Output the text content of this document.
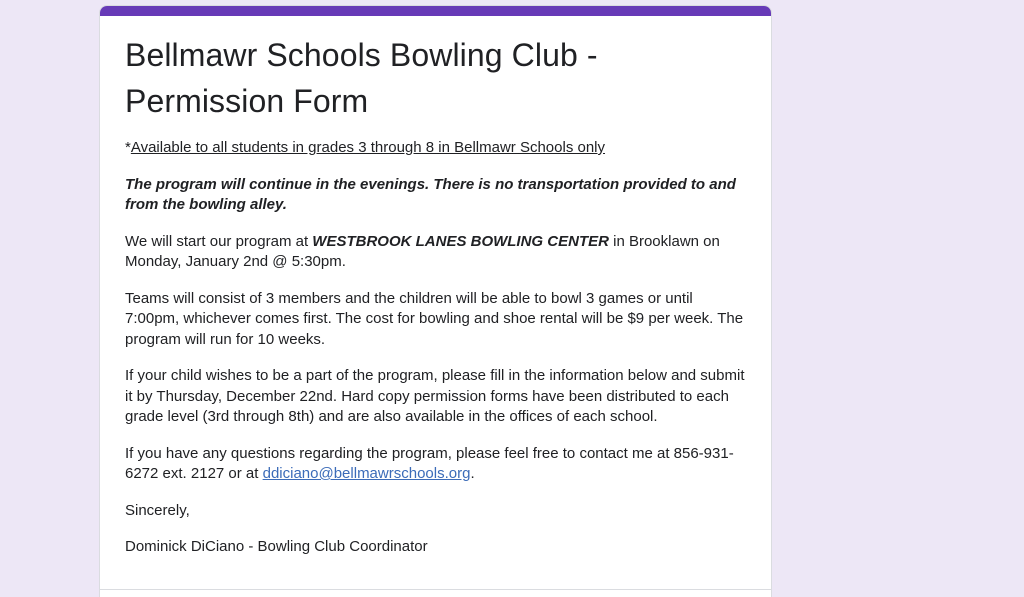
Bellmawr Schools Bowling Club - Permission Form

*Available to all students in grades 3 through 8 in Bellmawr Schools only

The program will continue in the evenings. There is no transportation provided to and from the bowling alley.

We will start our program at WESTBROOK LANES BOWLING CENTER in Brooklawn on Monday, January 2nd @ 5:30pm.

Teams will consist of 3 members and the children will be able to bowl 3 games or until 7:00pm, whichever comes first. The cost for bowling and shoe rental will be $9 per week. The program will run for 10 weeks.

If your child wishes to be a part of the program, please fill in the information below and submit it by Thursday, December 22nd. Hard copy permission forms have been distributed to each grade level (3rd through 8th) and are also available in the offices of each school.

If you have any questions regarding the program, please feel free to contact me at 856-931-6272 ext. 2127 or at ddiciano@bellmawrschools.org.

Sincerely,

Dominick DiCiano - Bowling Club Coordinator
